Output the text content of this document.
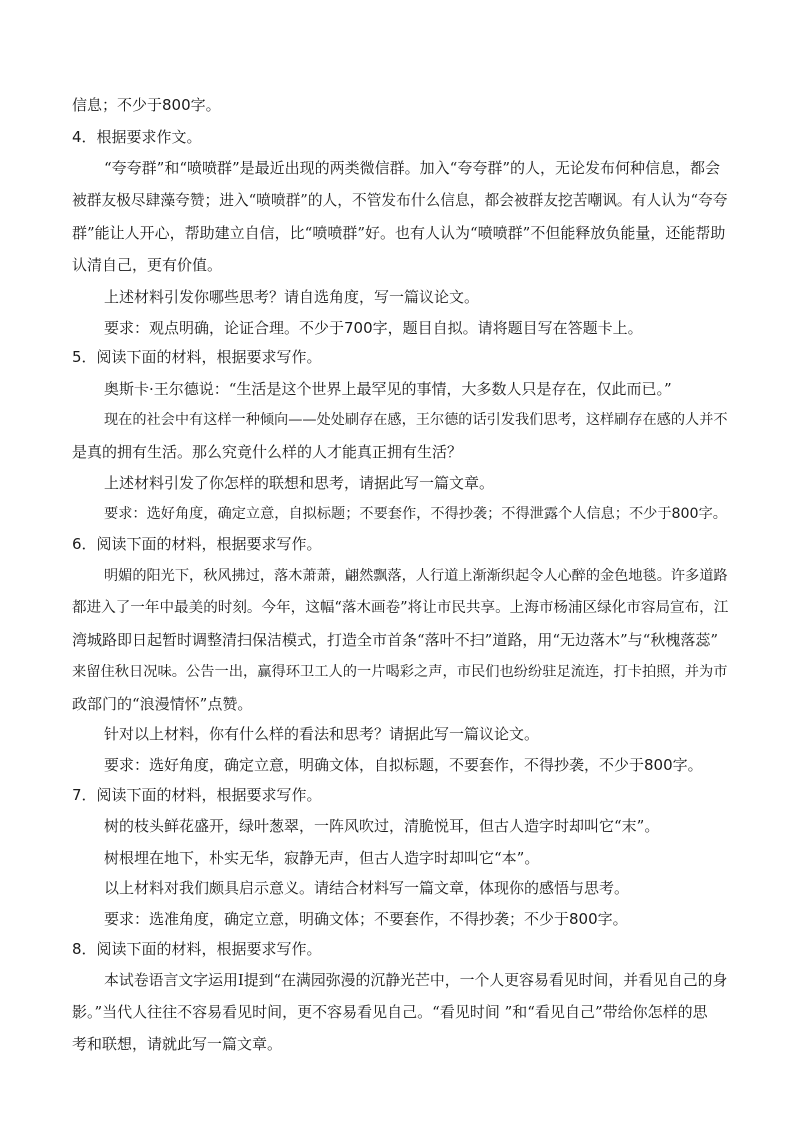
信息；不少于800字。
4．根据要求作文。
“夸夸群”和“喷喷群”是最近出现的两类微信群。加入“夸夸群”的人，无论发布何种信息，都会
被群友极尽肆藻夸赞；进入“喷喷群”的人，不管发布什么信息，都会被群友挖苦嘲讽。有人认为“夸夸
群”能让人开心，帮助建立自信，比“喷喷群”好。也有人认为“喷喷群”不但能释放负能量，还能帮助
认清自己，更有价值。
上述材料引发你哪些思考？请自选角度，写一篇议论文。
要求：观点明确，论证合理。不少于700字，题目自拟。请将题目写在答题卡上。
5．阅读下面的材料，根据要求写作。
奥斯卡·王尔德说：“生活是这个世界上最罕见的事情，大多数人只是存在，仅此而已。”
现在的社会中有这样一种倾向——处处刷存在感，王尔德的话引发我们思考，这样刷存在感的人并不
是真的拥有生活。那么究竟什么样的人才能真正拥有生活？
上述材料引发了你怎样的联想和思考，请据此写一篇文章。
要求：选好角度，确定立意，自拟标题；不要套作，不得抄袭；不得泄露个人信息；不少于800字。
6．阅读下面的材料，根据要求写作。
明媚的阳光下，秋风拂过，落木萧萧，翩然飘落，人行道上渐渐织起令人心醉的金色地毯。许多道路
都进入了一年中最美的时刻。今年，这幅“落木画卷”将让市民共享。上海市杨浦区绿化市容局宣布，江
湾城路即日起暂时调整清扫保洁模式，打造全市首条“落叶不扫”道路，用“无边落木”与“秋槐落蕊”
来留住秋日况味。公告一出，赢得环卫工人的一片喝彩之声，市民们也纷纷驻足流连，打卡拍照，并为市
政部门的“浪漫情怀”点赞。
针对以上材料，你有什么样的看法和思考？请据此写一篇议论文。
要求：选好角度，确定立意，明确文体，自拟标题，不要套作，不得抄袭，不少于800字。
7．阅读下面的材料，根据要求写作。
树的枝头鲜花盛开，绿叶葱翠，一阵风吹过，清脆悦耳，但古人造字时却叫它“末”。
树根埋在地下，朴实无华，寂静无声，但古人造字时却叫它“本”。
以上材料对我们颇具启示意义。请结合材料写一篇文章，体现你的感悟与思考。
要求：选准角度，确定立意，明确文体；不要套作，不得抄袭；不少于800字。
8．阅读下面的材料，根据要求写作。
本试卷语言文字运用Ⅰ提到“在满园弥漫的沉静光芒中，一个人更容易看见时间，并看见自己的身
影。”当代人往往不容易看见时间，更不容易看见自己。“看见时间 ”和“看见自己”带给你怎样的思
考和联想，请就此写一篇文章。
